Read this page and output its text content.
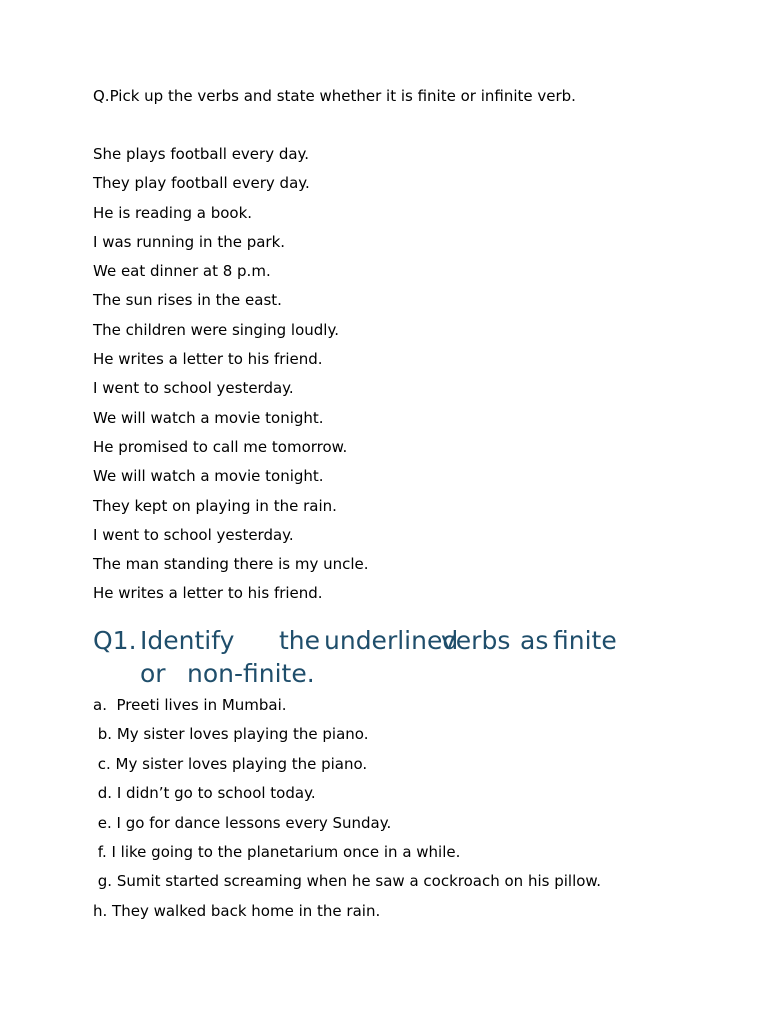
Q.Pick up the verbs and state whether it is finite or infinite verb.

She plays football every day.
They play football every day.
He is reading a book.
I was running in the park.
We eat dinner at 8 p.m.
The sun rises in the east.
The children were singing loudly.
He writes a letter to his friend.
I went to school yesterday.
We will watch a movie tonight.
He promised to call me tomorrow.
We will watch a movie tonight.
They kept on playing in the rain.
I went to school yesterday.
The man standing there is my uncle.
He writes a letter to his friend.
Q1. Identify the underlinedverbs as finite
or non-finite.
a.  Preeti lives in Mumbai.
b. My sister loves playing the piano.
c. My sister loves playing the piano.
d. I didn’t go to school today.
e. I go for dance lessons every Sunday.
f. I like going to the planetarium once in a while.
g. Sumit started screaming when he saw a cockroach on his pillow.
h. They walked back home in the rain.
